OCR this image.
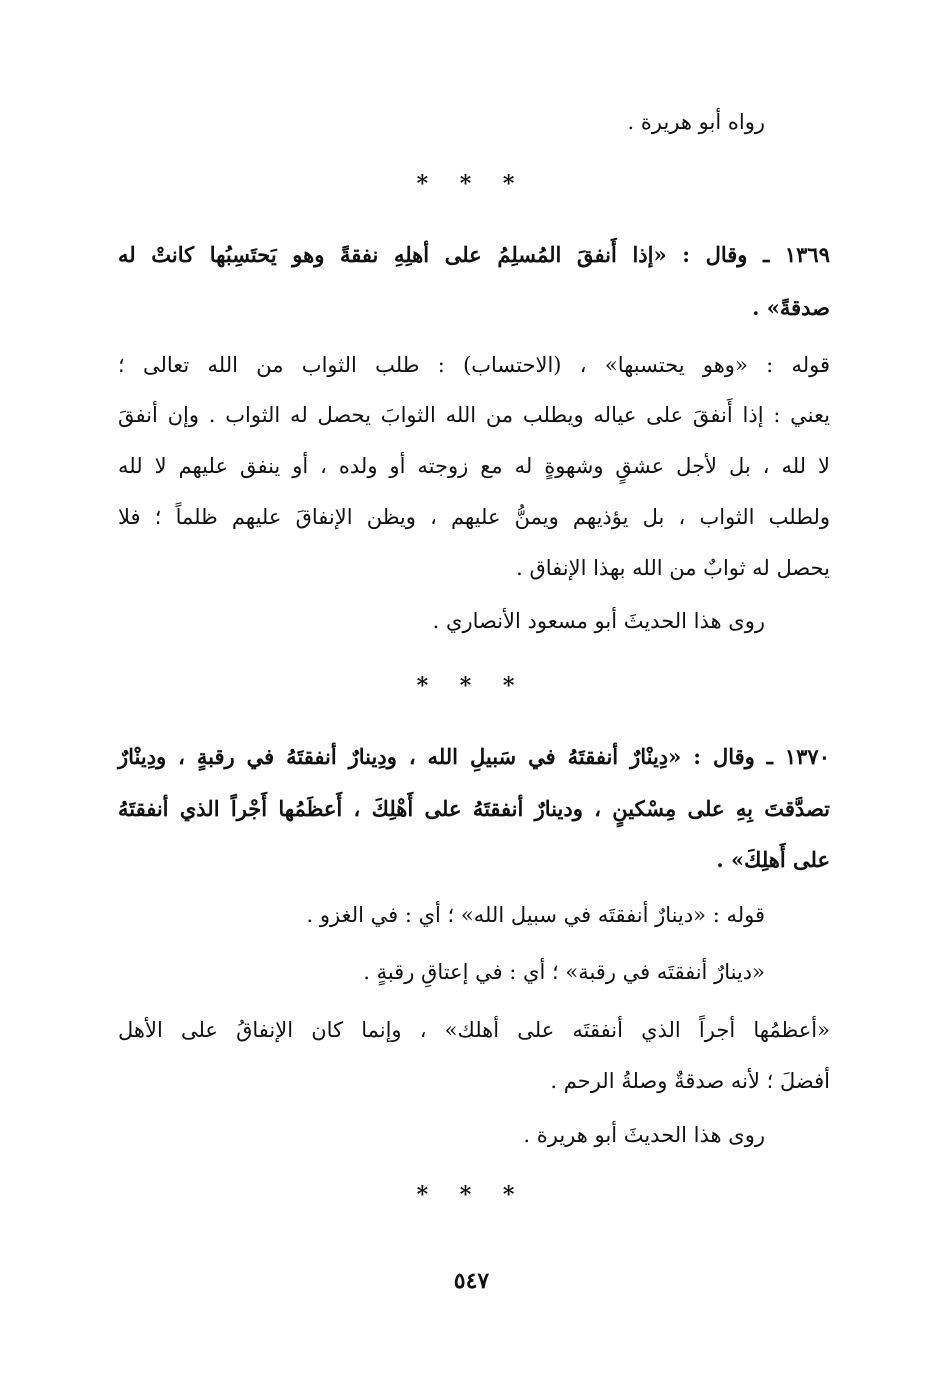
رواه أبو هريرة .
* * *
١٣٦٩ ـ وقال : «إذا أَنفقَ المُسلِمُ على أهلِهِ نفقةً وهو يَحتَسِبُها كانتْ له
صدقةً» .
قوله : «وهو يحتسبها» ، (الاحتساب) : طلب الثواب من الله تعالى ؛
يعني : إذا أَنفقَ على عياله ويطلب من الله الثوابَ يحصل له الثواب . وإن أنفقَ
لا لله ، بل لأجل عشقٍ وشهوةٍ له مع زوجته أو ولده ، أو ينفق عليهم لا لله
ولطلب الثواب ، بل يؤذيهم ويمنُّ عليهم ، ويظن الإنفاقَ عليهم ظلماً ؛ فلا
يحصل له ثوابٌ من الله بهذا الإنفاق .
روى هذا الحديثَ أبو مسعود الأنصاري .
* * *
١٣٧٠ ـ وقال : «دِينْارٌ أنفقتَهُ في سَبيلِ الله ، ودِينارٌ أنفقتَهُ في رقبةٍ ، ودِينْارٌ
تصدَّقتَ بِهِ على مِسْكينٍ ، ودينارٌ أنفقتَهُ على أَهْلِكَ ، أَعظَمُها أَجْراً الذي أنفقتَهُ
على أَهلِكَ» .
قوله : «دينارٌ أنفقتَه في سبيل الله» ؛ أي : في الغزو .
«دينارٌ أنفقتَه في رقبة» ؛ أي : في إعتاقِ رقبةٍ .
«أعظمُها أجراً الذي أنفقتَه على أهلك» ، وإنما كان الإنفاقُ على الأهل
أفضلَ ؛ لأنه صدقةٌ وصلةُ الرحم .
روى هذا الحديثَ أبو هريرة .
* * *
٥٤٧
